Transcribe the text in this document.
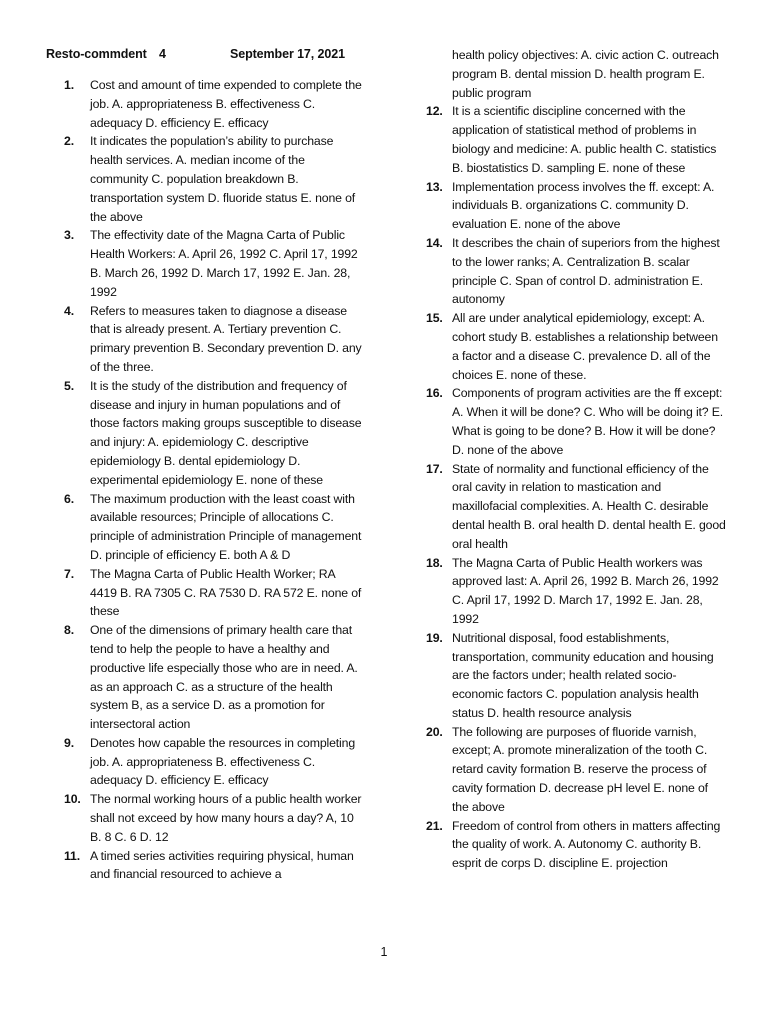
Resto-commdent 4	September 17, 2021
1. Cost and amount of time expended to complete the job. A. appropriateness B. effectiveness C. adequacy D. efficiency E. efficacy
2. It indicates the population’s ability to purchase health services. A. median income of the community C. population breakdown B. transportation system D. fluoride status E. none of the above
3. The effectivity date of the Magna Carta of Public Health Workers: A. April 26, 1992 C. April 17, 1992 B. March 26, 1992 D. March 17, 1992 E. Jan. 28, 1992
4. Refers to measures taken to diagnose a disease that is already present. A. Tertiary prevention C. primary prevention B. Secondary prevention D. any of the three.
5. It is the study of the distribution and frequency of disease and injury in human populations and of those factors making groups susceptible to disease and injury: A. epidemiology C. descriptive epidemiology B. dental epidemiology D. experimental epidemiology E. none of these
6. The maximum production with the least coast with available resources; Principle of allocations C. principle of administration Principle of management D. principle of efficiency E. both A & D
7. The Magna Carta of Public Health Worker; RA 4419 B. RA 7305 C. RA 7530 D. RA 572 E. none of these
8. One of the dimensions of primary health care that tend to help the people to have a healthy and productive life especially those who are in need. A. as an approach C. as a structure of the health system B, as a service D. as a promotion for intersectoral action
9. Denotes how capable the resources in completing job. A. appropriateness B. effectiveness C. adequacy D. efficiency E. efficacy
10. The normal working hours of a public health worker shall not exceed by how many hours a day? A, 10 B. 8 C. 6 D. 12
11. A timed series activities requiring physical, human and financial resourced to achieve a
health policy objectives: A. civic action C. outreach program B. dental mission D. health program E. public program
12. It is a scientific discipline concerned with the application of statistical method of problems in biology and medicine: A. public health C. statistics B. biostatistics D. sampling E. none of these
13. Implementation process involves the ff. except: A. individuals B. organizations C. community D. evaluation E. none of the above
14. It describes the chain of superiors from the highest to the lower ranks; A. Centralization B. scalar principle C. Span of control D. administration E. autonomy
15. All are under analytical epidemiology, except: A. cohort study B. establishes a relationship between a factor and a disease C. prevalence D. all of the choices E. none of these.
16. Components of program activities are the ff except: A. When it will be done? C. Who will be doing it? E. What is going to be done? B. How it will be done? D. none of the above
17. State of normality and functional efficiency of the oral cavity in relation to mastication and maxillofacial complexities. A. Health C. desirable dental health B. oral health D. dental health E. good oral health
18. The Magna Carta of Public Health workers was approved last: A. April 26, 1992 B. March 26, 1992 C. April 17, 1992 D. March 17, 1992 E. Jan. 28, 1992
19. Nutritional disposal, food establishments, transportation, community education and housing are the factors under; health related socio-economic factors C. population analysis health status D. health resource analysis
20. The following are purposes of fluoride varnish, except; A. promote mineralization of the tooth C. retard cavity formation B. reserve the process of cavity formation D. decrease pH level E. none of the above
21. Freedom of control from others in matters affecting the quality of work. A. Autonomy C. authority B. esprit de corps D. discipline E. projection
1
